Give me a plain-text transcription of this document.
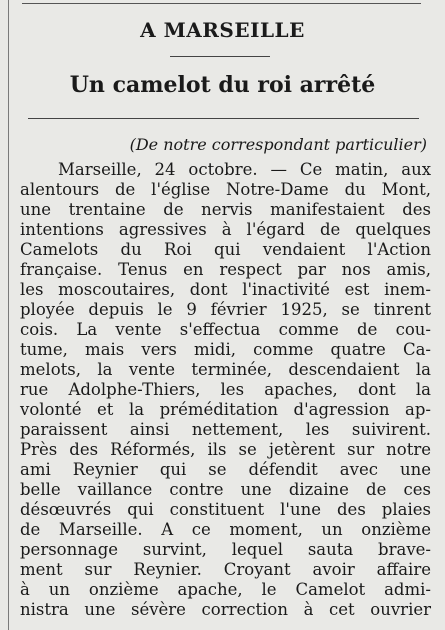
A MARSEILLE
Un camelot du roi arrêté
(De notre correspondant particulier)
Marseille, 24 octobre. — Ce matin, aux
alentours de l'église Notre-Dame du Mont,
une trentaine de nervis manifestaient des
intentions agressives à l'égard de quelques
Camelots du Roi qui vendaient l'Action
française. Tenus en respect par nos amis,
les moscoutaires, dont l'inactivité est inem-
ployée depuis le 9 février 1925, se tinrent
cois. La vente s'effectua comme de cou-
tume, mais vers midi, comme quatre Ca-
melots, la vente terminée, descendaient la
rue Adolphe-Thiers, les apaches, dont la
volonté et la préméditation d'agression ap-
paraissent ainsi nettement, les suivirent.
Près des Réformés, ils se jetèrent sur notre
ami Reynier qui se défendit avec une
belle vaillance contre une dizaine de ces
désœuvrés qui constituent l'une des plaies
de Marseille. A ce moment, un onzième
personnage survint, lequel sauta brave-
ment sur Reynier. Croyant avoir affaire
à un onzième apache, le Camelot admi-
nistra une sévère correction à cet ouvrier
